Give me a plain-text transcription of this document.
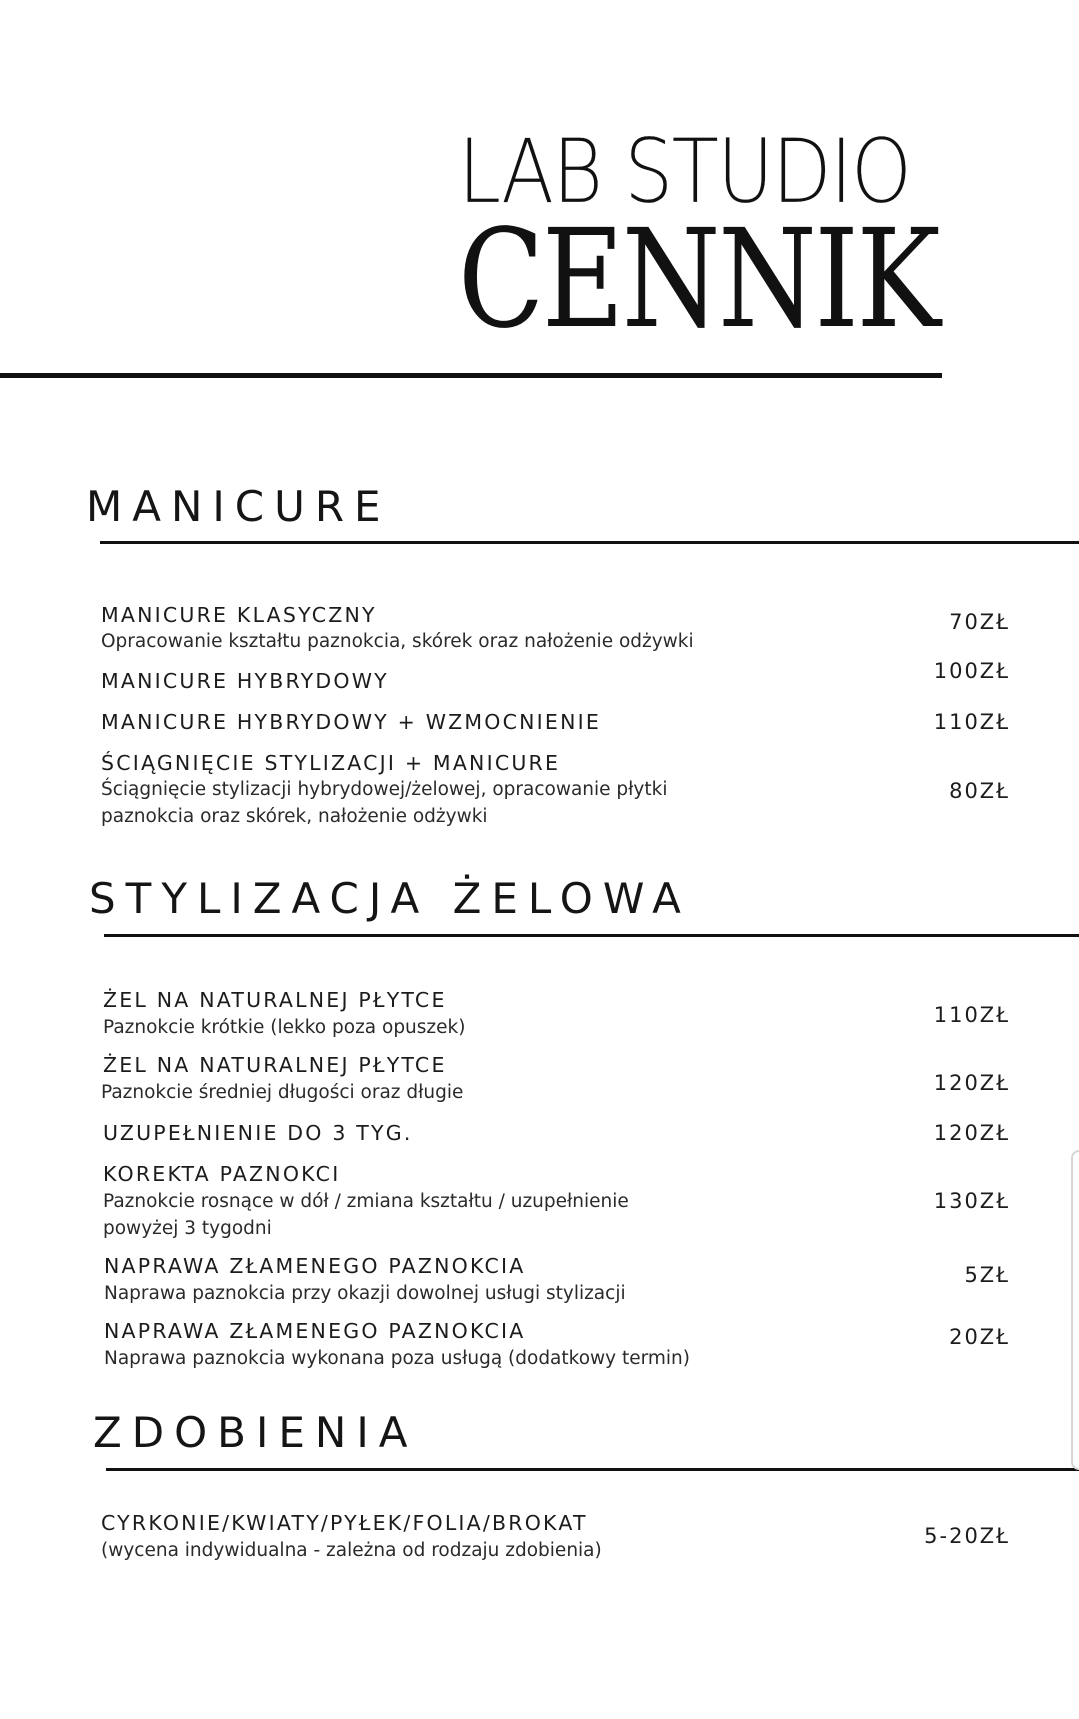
LAB STUDIO
CENNIK
MANICURE
MANICURE KLASYCZNY
Opracowanie kształtu paznokcia, skórek oraz nałożenie odżywki
70ZŁ
MANICURE HYBRYDOWY	100ZŁ
MANICURE HYBRYDOWY + WZMOCNIENIE	110ZŁ
ŚCIĄGNIĘCIE STYLIZACJI + MANICURE
Ściągnięcie stylizacji hybrydowej/żelowej, opracowanie płytki paznokcia oraz skórek, nałożenie odżywki
80ZŁ
STYLIZACJA ŻELOWA
ŻEL NA NATURALNEJ PŁYTCE
Paznokcie krótkie (lekko poza opuszek)
110ZŁ
ŻEL NA NATURALNEJ PŁYTCE
Paznokcie średniej długości oraz długie	120ZŁ
UZUPEŁNIENIE DO 3 TYG.	120ZŁ
KOREKTA PAZNOKCI
Paznokcie rosnące w dół / zmiana kształtu / uzupełnienie powyżej 3 tygodni
130ZŁ
NAPRAWA ZŁAMENEGO PAZNOKCIA
Naprawa paznokcia przy okazji dowolnej usługi stylizacji
5ZŁ
NAPRAWA ZŁAMENEGO PAZNOKCIA
Naprawa paznokcia wykonana poza usługą (dodatkowy termin)
20ZŁ
ZDOBIENIA
CYRKONIE/KWIATY/PYŁEK/FOLIA/BROKAT
(wycena indywidualna - zależna od rodzaju zdobienia)
5-20ZŁ
